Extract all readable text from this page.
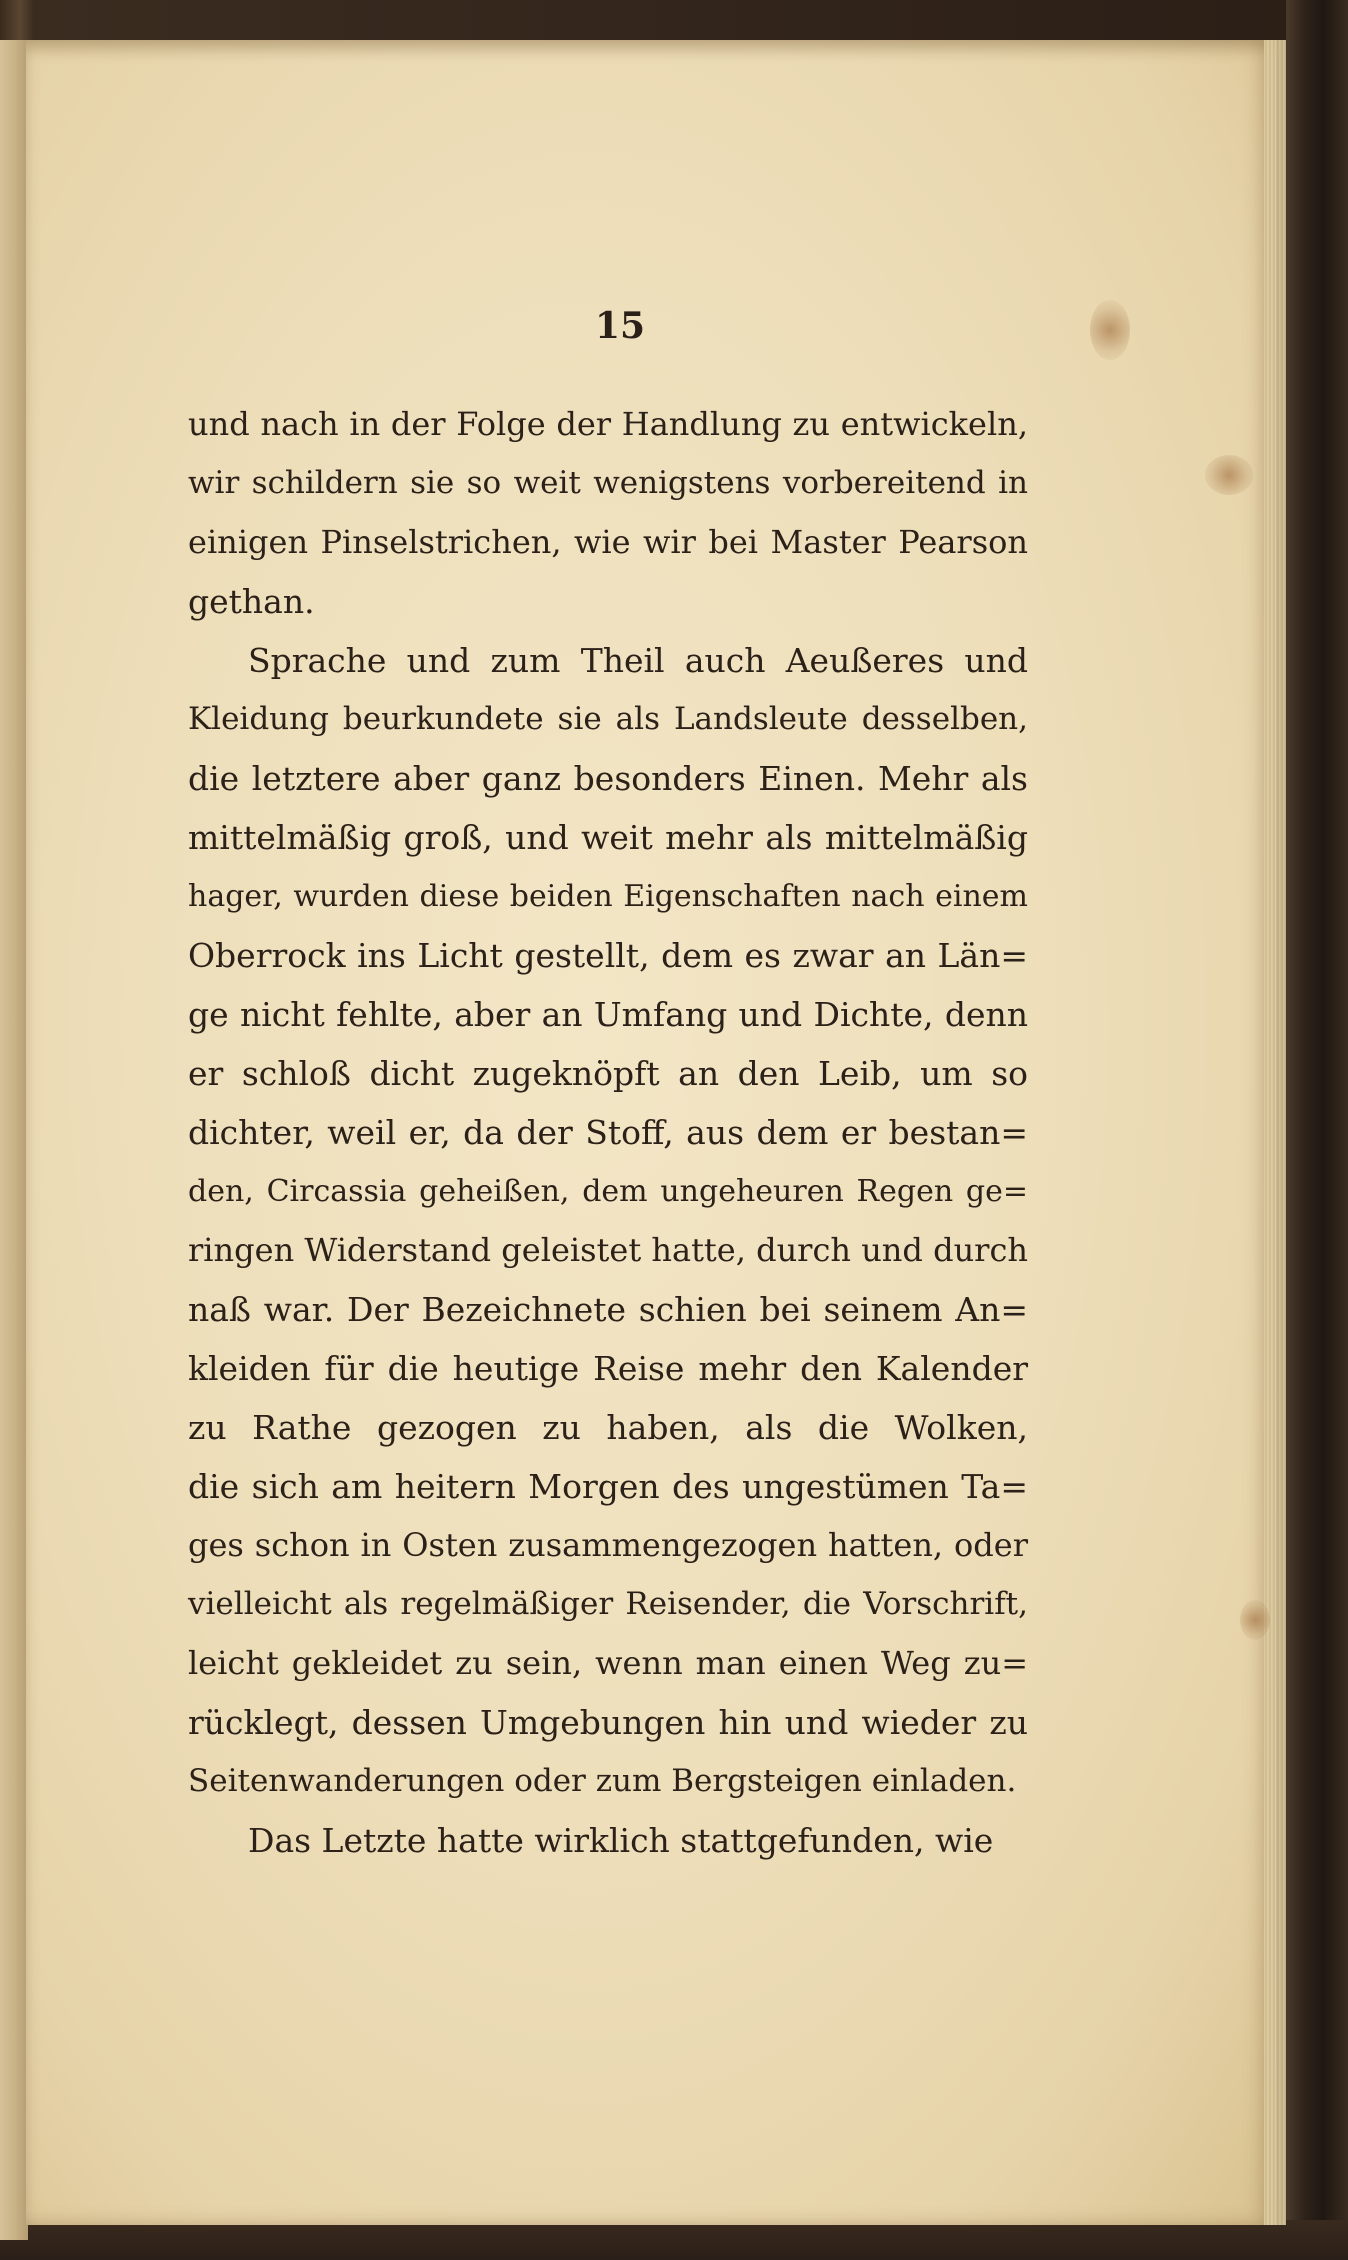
15
und nach in der Folge der Handlung zu entwickeln,
wir schildern sie so weit wenigstens vorbereitend in
einigen Pinselstrichen, wie wir bei Master Pearson
gethan.
Sprache und zum Theil auch Aeußeres und
Kleidung beurkundete sie als Landsleute desselben,
die letztere aber ganz besonders Einen. Mehr als
mittelmäßig groß, und weit mehr als mittelmäßig
hager, wurden diese beiden Eigenschaften nach einem
Oberrock ins Licht gestellt, dem es zwar an Län=
ge nicht fehlte, aber an Umfang und Dichte, denn
er schloß dicht zugeknöpft an den Leib, um so
dichter, weil er, da der Stoff, aus dem er bestan=
den, Circassia geheißen, dem ungeheuren Regen ge=
ringen Widerstand geleistet hatte, durch und durch
naß war. Der Bezeichnete schien bei seinem An=
kleiden für die heutige Reise mehr den Kalender
zu Rathe gezogen zu haben, als die Wolken,
die sich am heitern Morgen des ungestümen Ta=
ges schon in Osten zusammengezogen hatten, oder
vielleicht als regelmäßiger Reisender, die Vorschrift,
leicht gekleidet zu sein, wenn man einen Weg zu=
rücklegt, dessen Umgebungen hin und wieder zu
Seitenwanderungen oder zum Bergsteigen einladen.
Das Letzte hatte wirklich stattgefunden, wie
